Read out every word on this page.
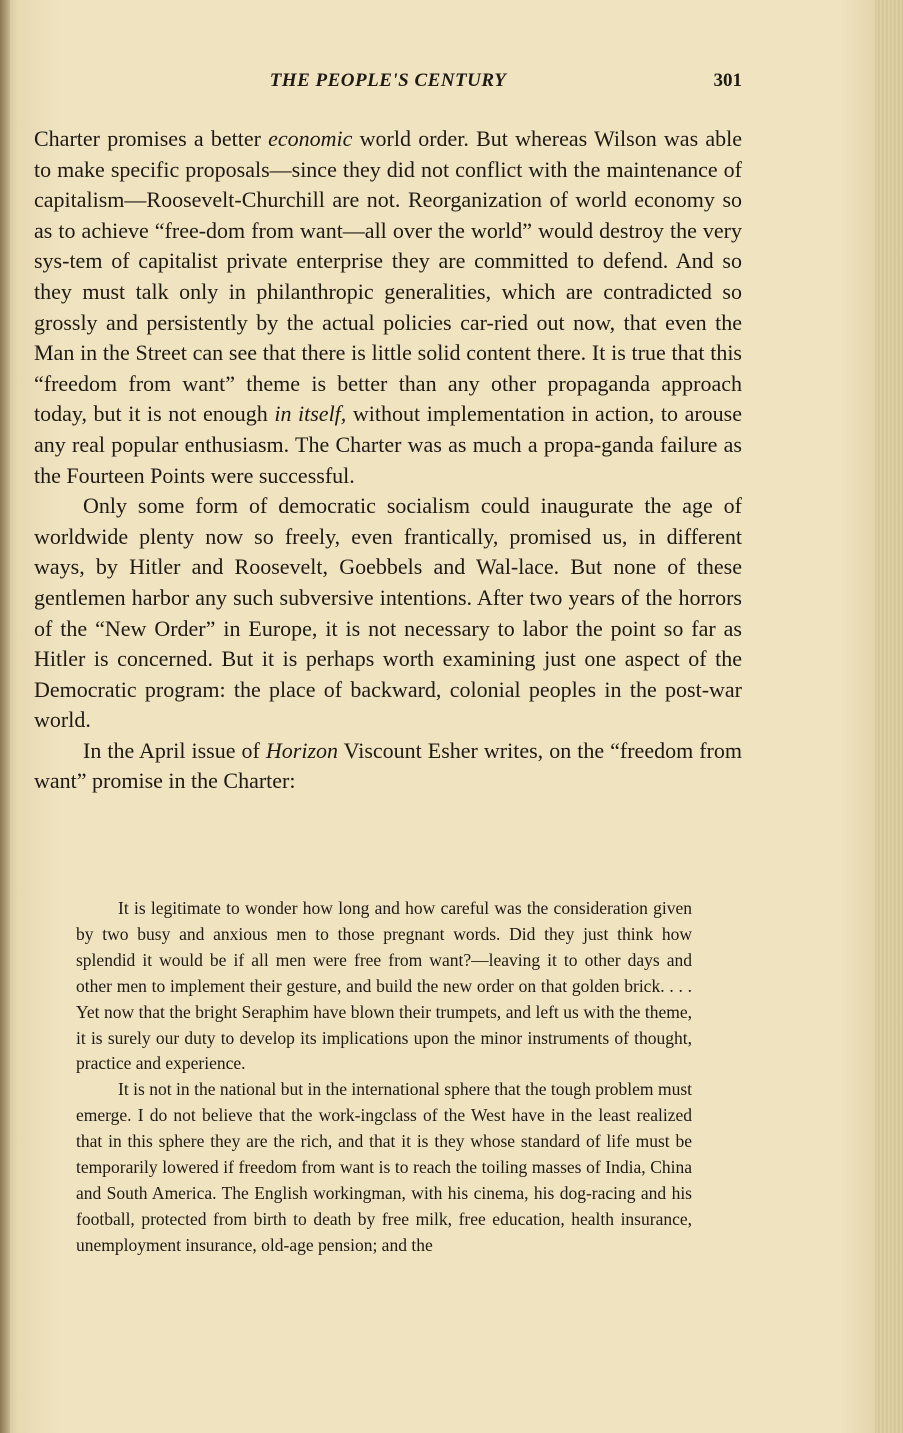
THE PEOPLE'S CENTURY	301

Charter promises a better economic world order. But whereas Wilson was able to make specific proposals—since they did not conflict with the maintenance of capitalism—Roosevelt-Churchill are not. Reorganization of world economy so as to achieve “free-dom from want—all over the world” would destroy the very sys-tem of capitalist private enterprise they are committed to defend. And so they must talk only in philanthropic generalities, which are contradicted so grossly and persistently by the actual policies car-ried out now, that even the Man in the Street can see that there is little solid content there. It is true that this “freedom from want” theme is better than any other propaganda approach today, but it is not enough in itself, without implementation in action, to arouse any real popular enthusiasm. The Charter was as much a propa-ganda failure as the Fourteen Points were successful.

Only some form of democratic socialism could inaugurate the age of worldwide plenty now so freely, even frantically, promised us, in different ways, by Hitler and Roosevelt, Goebbels and Wal-lace. But none of these gentlemen harbor any such subversive intentions. After two years of the horrors of the “New Order” in Europe, it is not necessary to labor the point so far as Hitler is concerned. But it is perhaps worth examining just one aspect of the Democratic program: the place of backward, colonial peoples in the post-war world.

In the April issue of Horizon Viscount Esher writes, on the “freedom from want” promise in the Charter:

It is legitimate to wonder how long and how careful was the consideration given by two busy and anxious men to those pregnant words. Did they just think how splendid it would be if all men were free from want?—leaving it to other days and other men to implement their gesture, and build the new order on that golden brick. . . . Yet now that the bright Seraphim have blown their trumpets, and left us with the theme, it is surely our duty to develop its implications upon the minor instruments of thought, practice and experience.

It is not in the national but in the international sphere that the tough problem must emerge. I do not believe that the work-ingclass of the West have in the least realized that in this sphere they are the rich, and that it is they whose standard of life must be temporarily lowered if freedom from want is to reach the toiling masses of India, China and South America. The English workingman, with his cinema, his dog-racing and his football, protected from birth to death by free milk, free education, health insurance, unemployment insurance, old-age pension; and the
